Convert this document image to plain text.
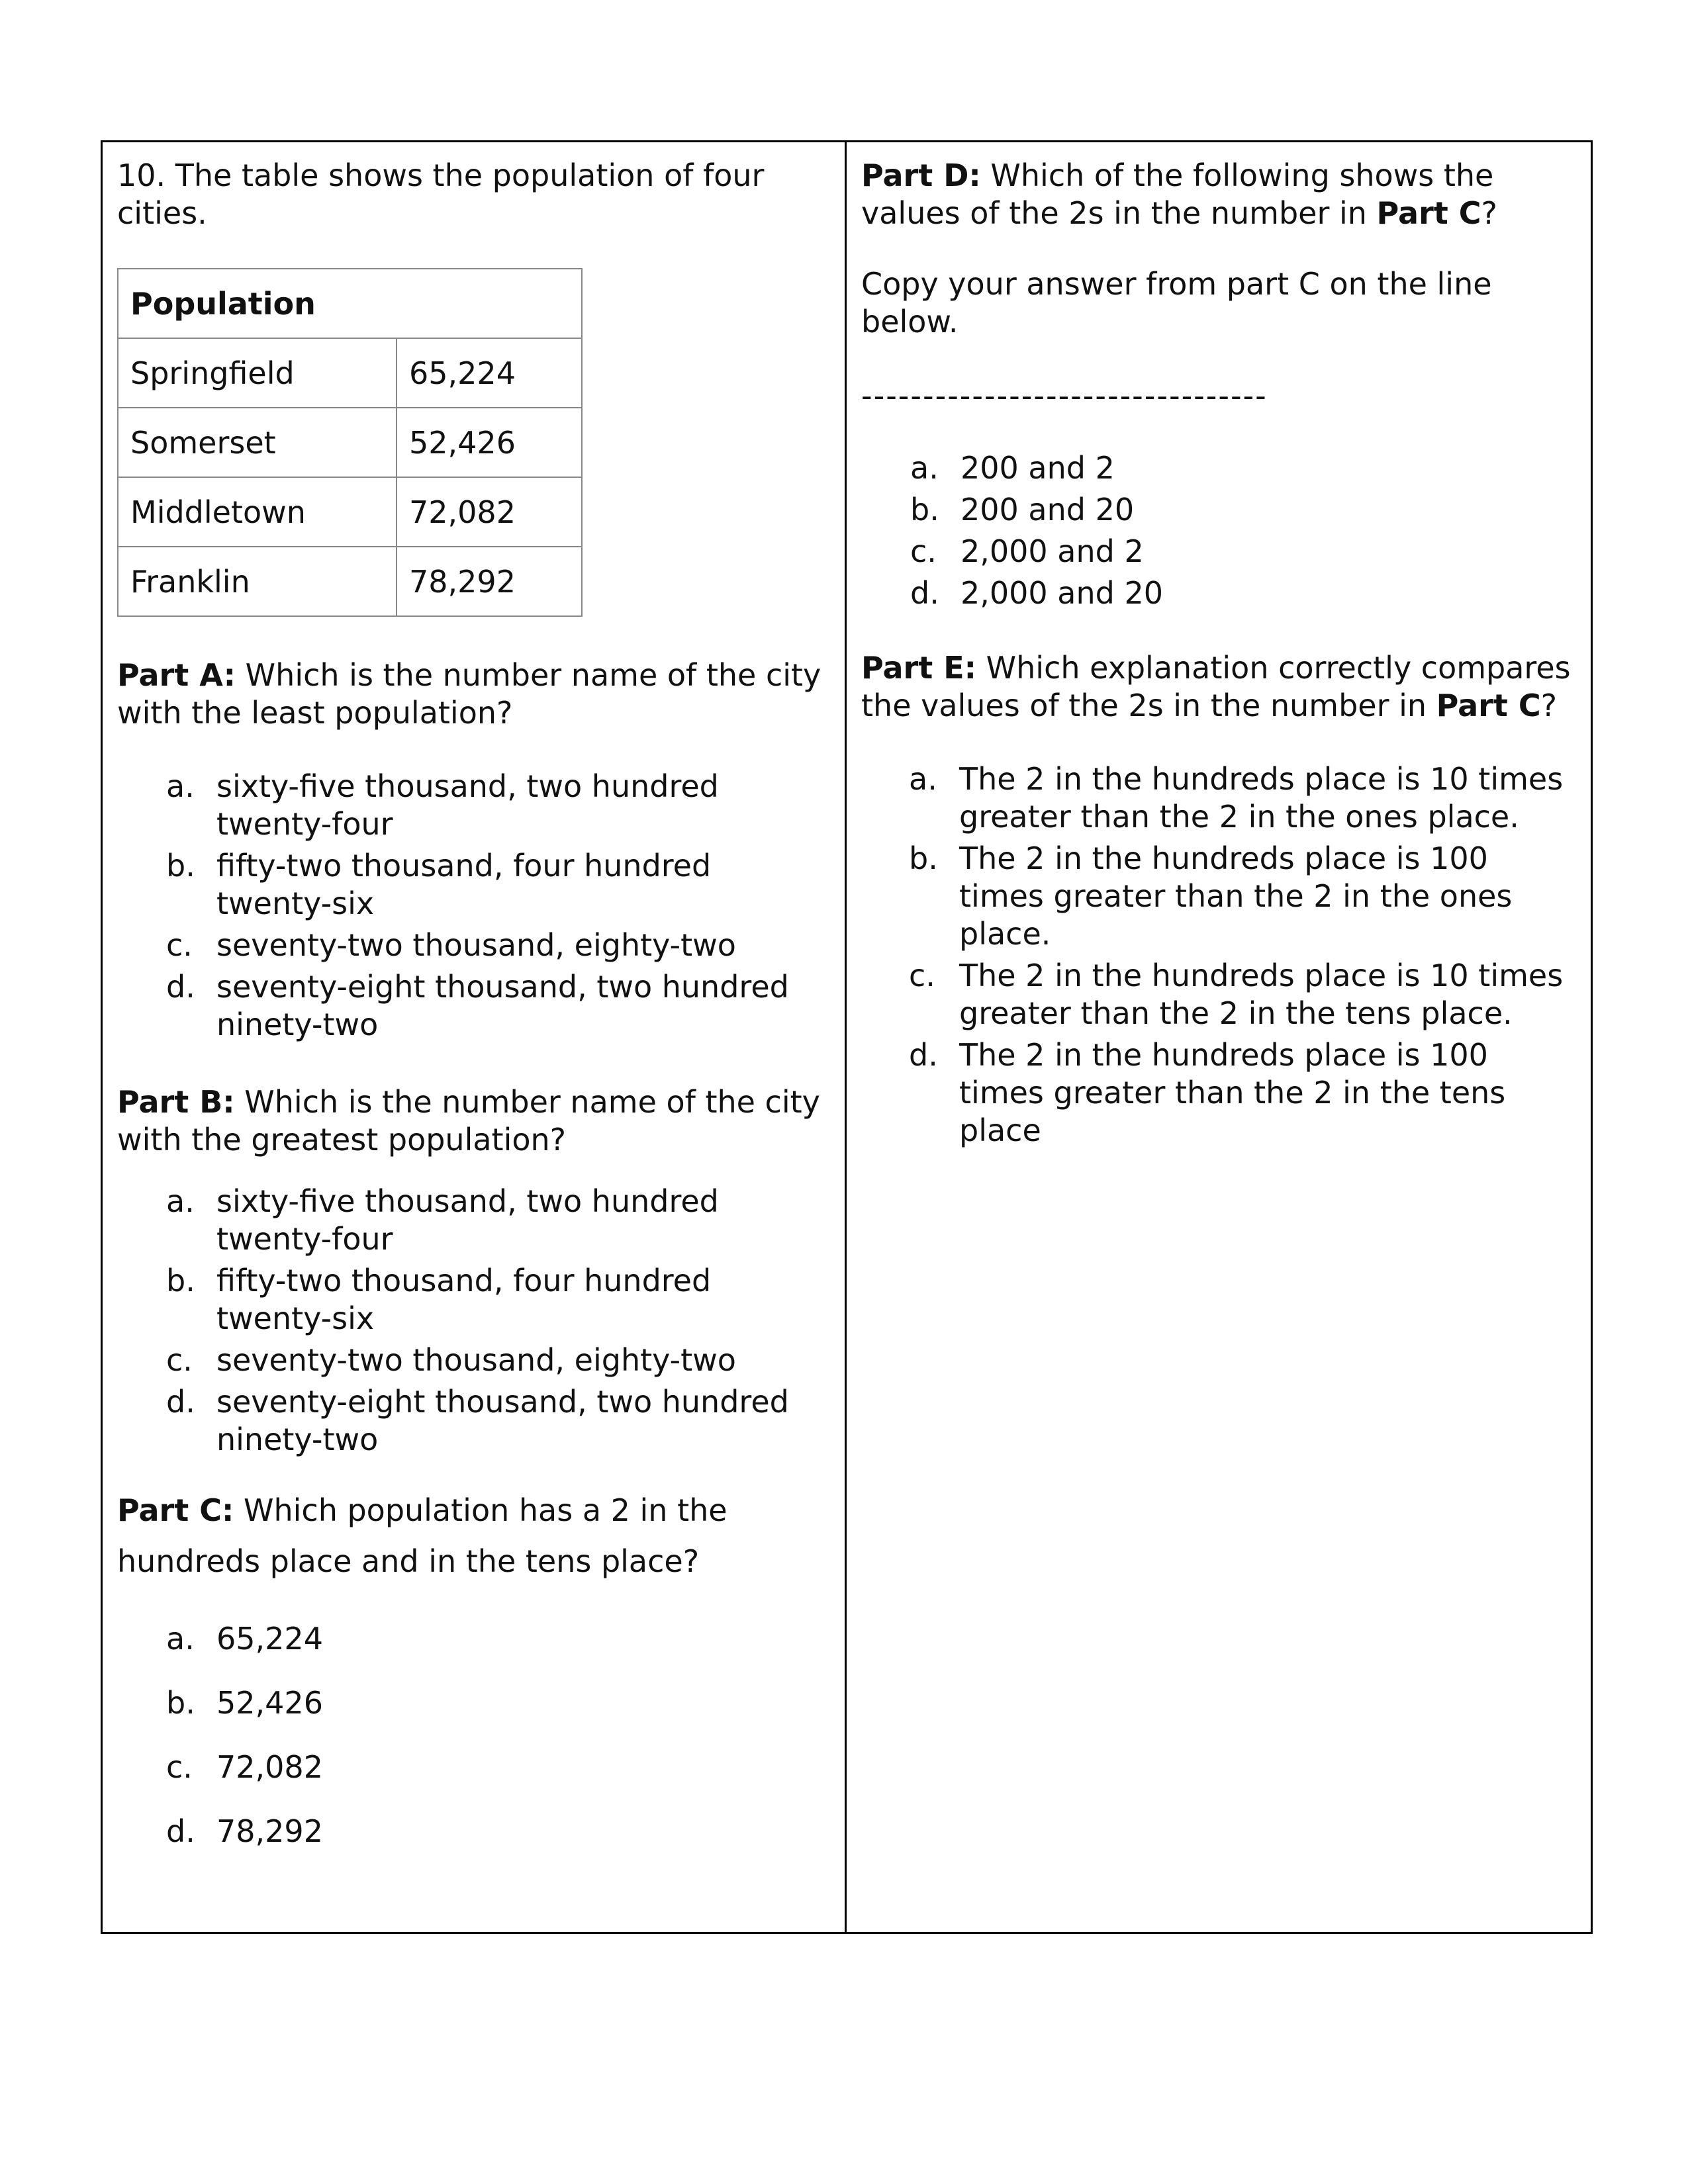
10. The table shows the population of four cities.

Population	
Springfield	65,224
Somerset	52,426
Middletown	72,082
Franklin	78,292

Part A: Which is the number name of the city with the least population?

a. sixty-five thousand, two hundred twenty-four
b. fifty-two thousand, four hundred twenty-six
c. seventy-two thousand, eighty-two
d. seventy-eight thousand, two hundred ninety-two

Part B: Which is the number name of the city with the greatest population?

a. sixty-five thousand, two hundred twenty-four
b. fifty-two thousand, four hundred twenty-six
c. seventy-two thousand, eighty-two
d. seventy-eight thousand, two hundred ninety-two

Part C: Which population has a 2 in the hundreds place and in the tens place?

a. 65,224
b. 52,426
c. 72,082
d. 78,292

Part D: Which of the following shows the values of the 2s in the number in Part C?

Copy your answer from part C on the line below.

---------------------------------
a. 200 and 2
b. 200 and 20
c. 2,000 and 2
d. 2,000 and 20

Part E: Which explanation correctly compares the values of the 2s in the number in Part C?

a. The 2 in the hundreds place is 10 times greater than the 2 in the ones place.
b. The 2 in the hundreds place is 100 times greater than the 2 in the ones place.
c. The 2 in the hundreds place is 10 times greater than the 2 in the tens place.
d. The 2 in the hundreds place is 100 times greater than the 2 in the tens place
